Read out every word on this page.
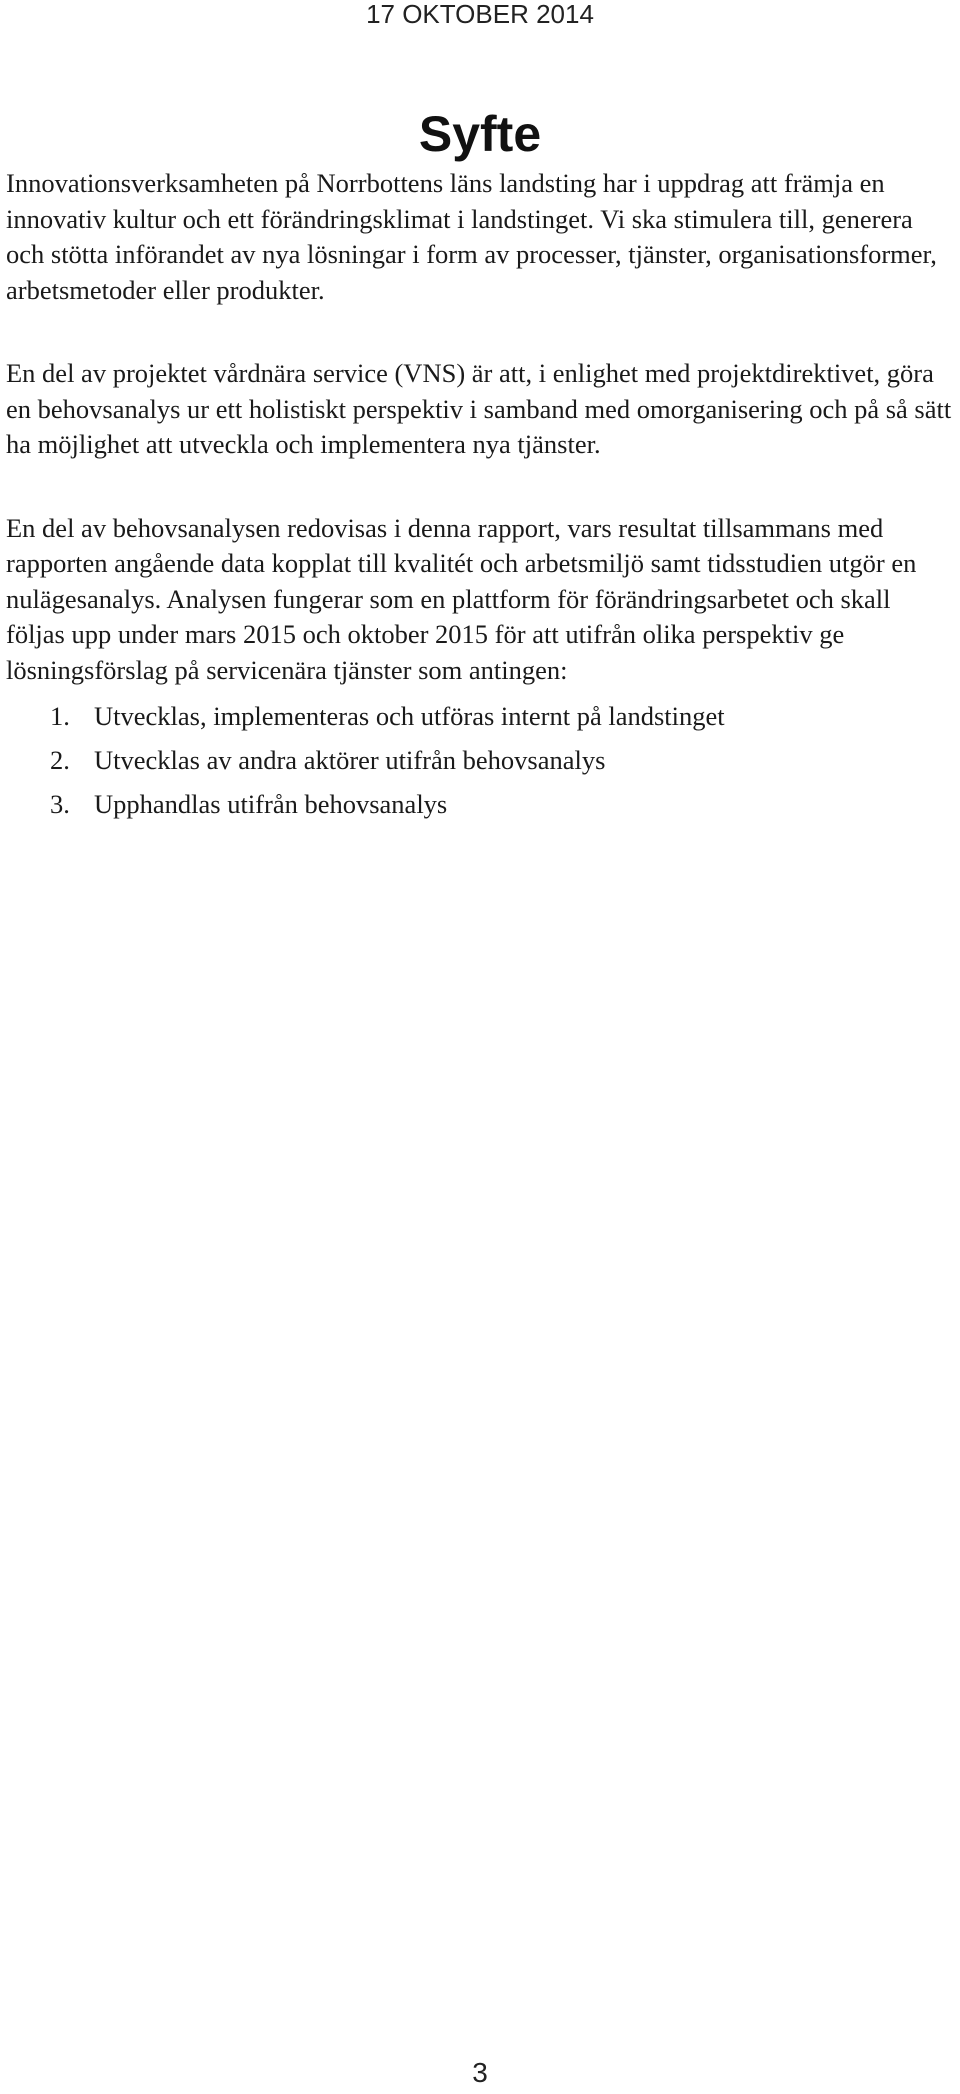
17 OKTOBER 2014
Syfte

Innovationsverksamheten på Norrbottens läns landsting har i uppdrag att främja en innovativ kultur och ett förändringsklimat i landstinget. Vi ska stimulera till, generera och stötta införandet av nya lösningar i form av processer, tjänster, organisationsformer, arbetsmetoder eller produkter.

En del av projektet vårdnära service (VNS) är att, i enlighet med projektdirektivet, göra en behovsanalys ur ett holistiskt perspektiv i samband med omorganisering och på så sätt ha möjlighet att utveckla och implementera nya tjänster.

En del av behovsanalysen redovisas i denna rapport, vars resultat tillsammans med rapporten angående data kopplat till kvalitét och arbetsmiljö samt tidsstudien utgör en nulägesanalys. Analysen fungerar som en plattform för förändringsarbetet och skall följas upp under mars 2015 och oktober 2015 för att utifrån olika perspektiv ge lösningsförslag på servicenära tjänster som antingen:

1. Utvecklas, implementeras och utföras internt på landstinget
2. Utvecklas av andra aktörer utifrån behovsanalys
3. Upphandlas utifrån behovsanalys
3
